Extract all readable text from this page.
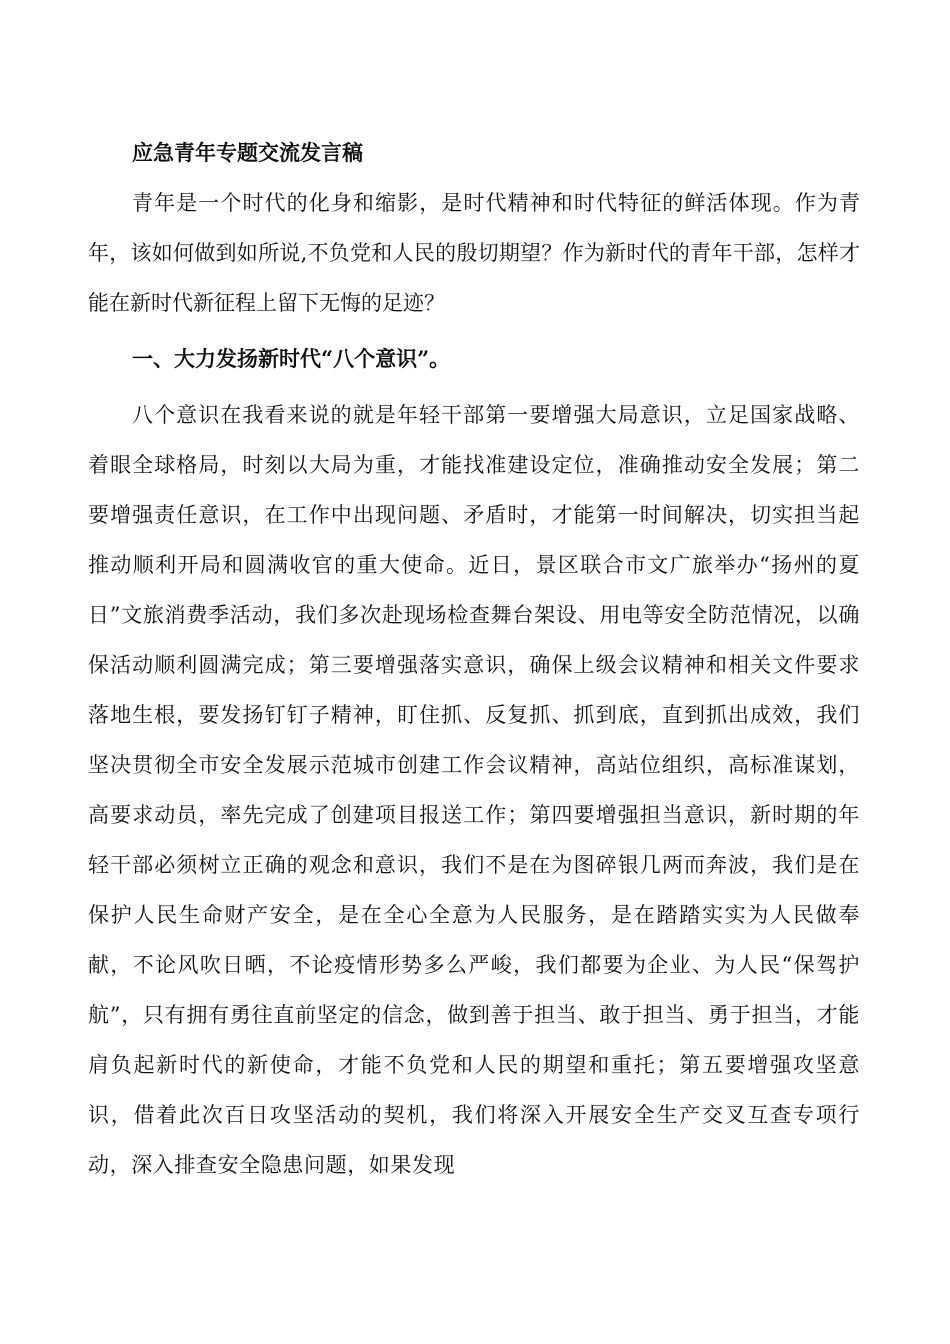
应急青年专题交流发言稿

青年是一个时代的化身和缩影，是时代精神和时代特征的鲜活体现。作为青年，该如何做到如所说,不负党和人民的殷切期望？作为新时代的青年干部，怎样才能在新时代新征程上留下无悔的足迹？

一、大力发扬新时代“八个意识”。

八个意识在我看来说的就是年轻干部第一要增强大局意识，立足国家战略、着眼全球格局，时刻以大局为重，才能找准建设定位，准确推动安全发展；第二要增强责任意识，在工作中出现问题、矛盾时，才能第一时间解决，切实担当起推动顺利开局和圆满收官的重大使命。近日，景区联合市文广旅举办“扬州的夏日”文旅消费季活动，我们多次赴现场检查舞台架设、用电等安全防范情况，以确保活动顺利圆满完成；第三要增强落实意识，确保上级会议精神和相关文件要求落地生根，要发扬钉钉子精神，盯住抓、反复抓、抓到底，直到抓出成效，我们坚决贯彻全市安全发展示范城市创建工作会议精神，高站位组织，高标准谋划，高要求动员，率先完成了创建项目报送工作；第四要增强担当意识，新时期的年轻干部必须树立正确的观念和意识，我们不是在为图碎银几两而奔波，我们是在保护人民生命财产安全，是在全心全意为人民服务，是在踏踏实实为人民做奉献，不论风吹日晒，不论疫情形势多么严峻，我们都要为企业、为人民“保驾护航”，只有拥有勇往直前坚定的信念，做到善于担当、敢于担当、勇于担当，才能肩负起新时代的新使命，才能不负党和人民的期望和重托；第五要增强攻坚意识，借着此次百日攻坚活动的契机，我们将深入开展安全生产交叉互查专项行动，深入排查安全隐患问题，如果发现
